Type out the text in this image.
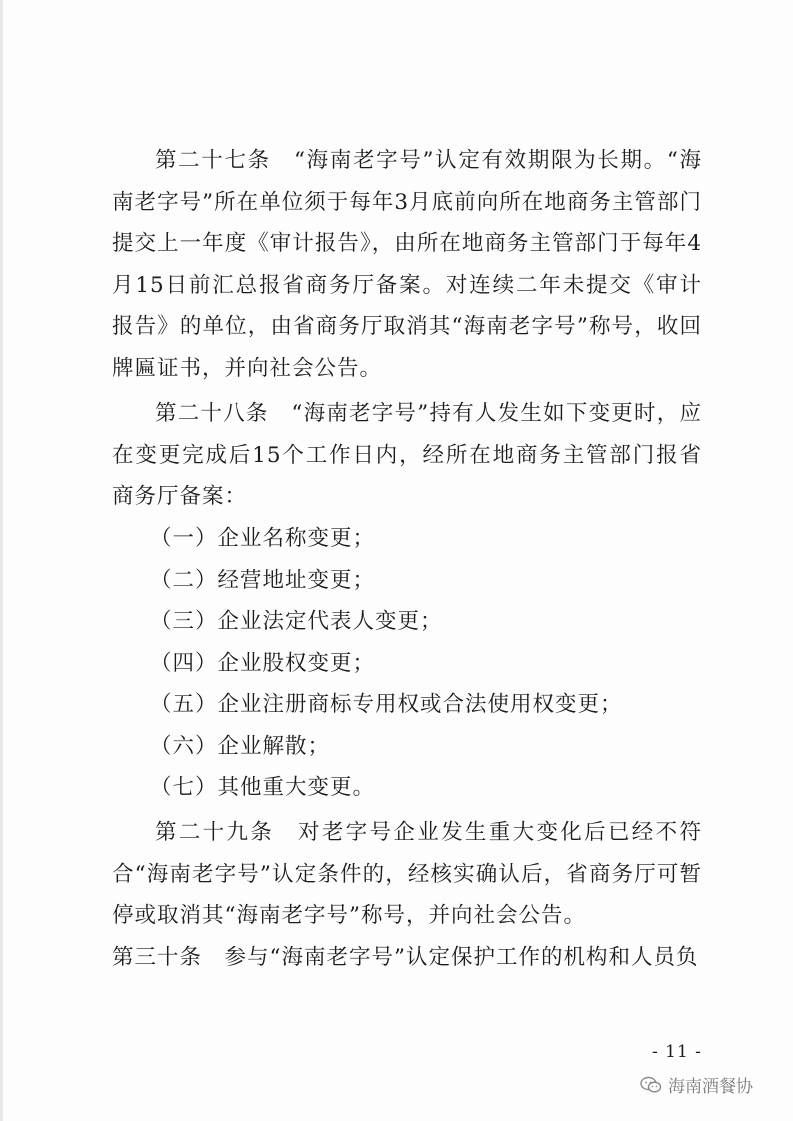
第二十七条　“海南老字号”认定有效期限为长期。“海南老字号”所在单位须于每年3月底前向所在地商务主管部门提交上一年度《审计报告》，由所在地商务主管部门于每年4月15日前汇总报省商务厅备案。对连续二年未提交《审计报告》的单位，由省商务厅取消其“海南老字号”称号，收回牌匾证书，并向社会公告。

第二十八条　“海南老字号”持有人发生如下变更时，应在变更完成后15个工作日内，经所在地商务主管部门报省商务厅备案：

（一）企业名称变更；
（二）经营地址变更；
（三）企业法定代表人变更；
（四）企业股权变更；
（五）企业注册商标专用权或合法使用权变更；
（六）企业解散；
（七）其他重大变更。

第二十九条　对老字号企业发生重大变化后已经不符合“海南老字号”认定条件的，经核实确认后，省商务厅可暂停或取消其“海南老字号”称号，并向社会公告。

第三十条　参与“海南老字号”认定保护工作的机构和人员负

- 11 -
海南酒餐协
